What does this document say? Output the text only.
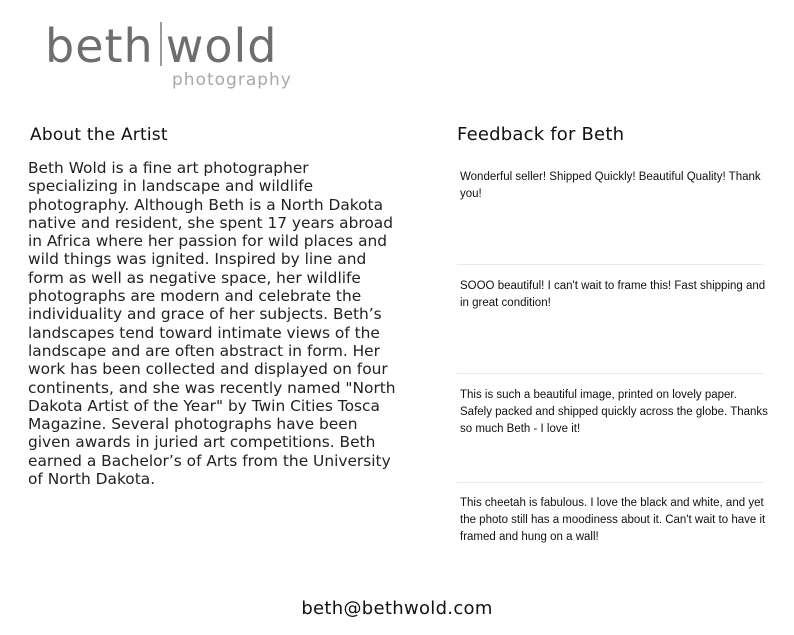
beth wold
photography
About the Artist

Beth Wold is a fine art photographer specializing in landscape and wildlife photography. Although Beth is a North Dakota native and resident, she spent 17 years abroad in Africa where her passion for wild places and wild things was ignited. Inspired by line and form as well as negative space, her wildlife photographs are modern and celebrate the individuality and grace of her subjects. Beth’s landscapes tend toward intimate views of the landscape and are often abstract in form. Her work has been collected and displayed on four continents, and she was recently named "North Dakota Artist of the Year" by Twin Cities Tosca Magazine. Several photographs have been given awards in juried art competitions. Beth earned a Bachelor’s of Arts from the University of North Dakota.

Feedback for Beth
Wonderful seller! Shipped Quickly! Beautiful Quality! Thank you!
SOOO beautiful! I can't wait to frame this! Fast shipping and in great condition!
This is such a beautiful image, printed on lovely paper. Safely packed and shipped quickly across the globe. Thanks so much Beth - I love it!
This cheetah is fabulous. I love the black and white, and yet the photo still has a moodiness about it. Can't wait to have it framed and hung on a wall!
beth@bethwold.com
